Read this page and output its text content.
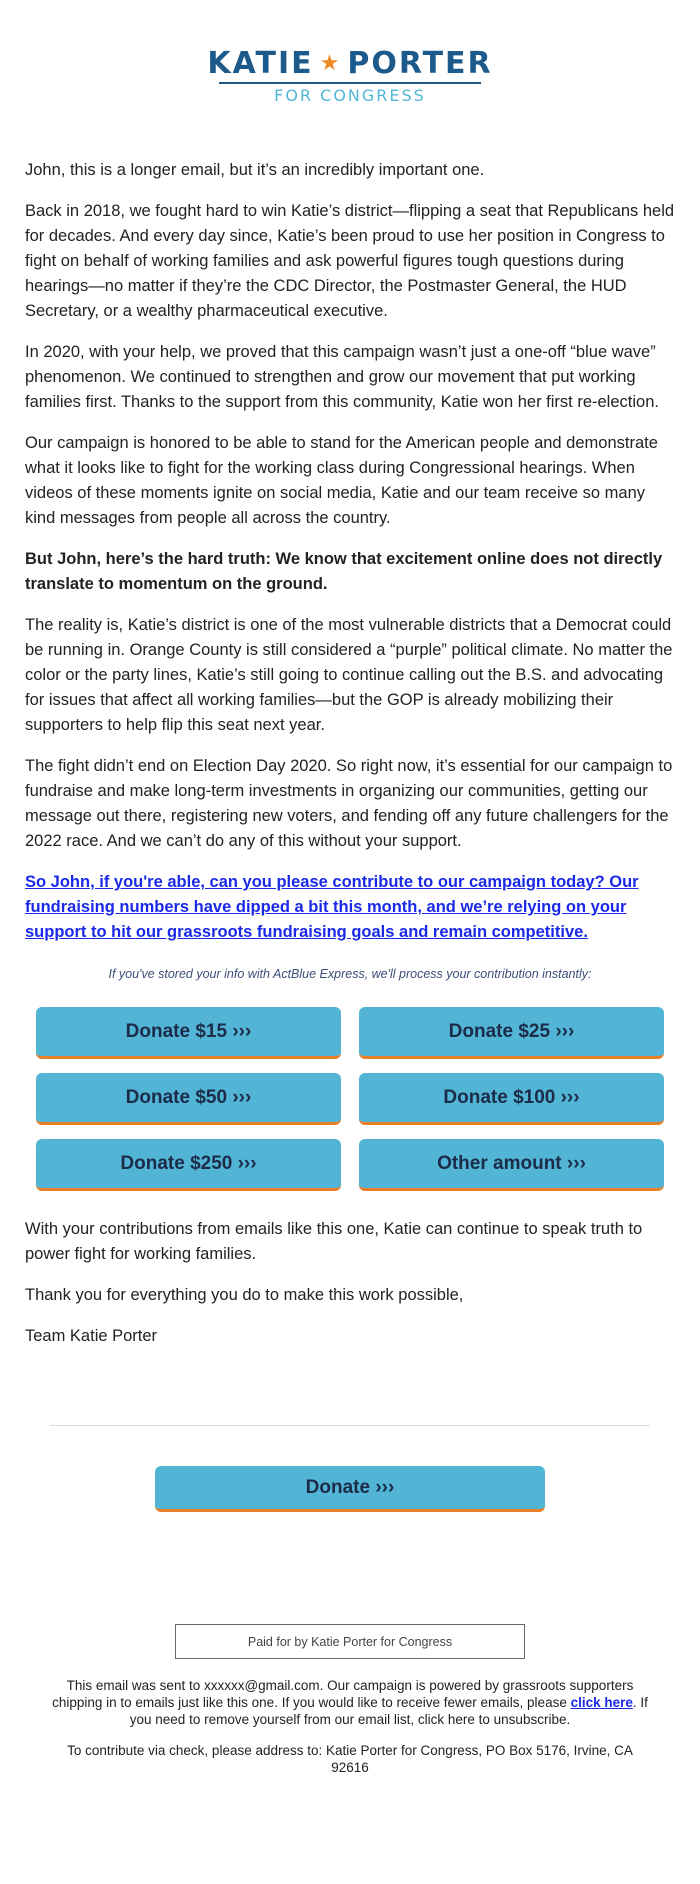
KATIE ★ PORTER
FOR CONGRESS

John, this is a longer email, but it’s an incredibly important one.

Back in 2018, we fought hard to win Katie’s district—flipping a seat that Republicans held for decades. And every day since, Katie’s been proud to use her position in Congress to fight on behalf of working families and ask powerful figures tough questions during hearings—no matter if they’re the CDC Director, the Postmaster General, the HUD Secretary, or a wealthy pharmaceutical executive.

In 2020, with your help, we proved that this campaign wasn’t just a one-off “blue wave” phenomenon. We continued to strengthen and grow our movement that put working families first. Thanks to the support from this community, Katie won her first re-election.

Our campaign is honored to be able to stand for the American people and demonstrate what it looks like to fight for the working class during Congressional hearings. When videos of these moments ignite on social media, Katie and our team receive so many kind messages from people all across the country.

But John, here’s the hard truth: We know that excitement online does not directly translate to momentum on the ground.

The reality is, Katie’s district is one of the most vulnerable districts that a Democrat could be running in. Orange County is still considered a “purple” political climate. No matter the color or the party lines, Katie’s still going to continue calling out the B.S. and advocating for issues that affect all working families—but the GOP is already mobilizing their supporters to help flip this seat next year.

The fight didn’t end on Election Day 2020. So right now, it’s essential for our campaign to fundraise and make long-term investments in organizing our communities, getting our message out there, registering new voters, and fending off any future challengers for the 2022 race. And we can’t do any of this without your support.

So John, if you're able, can you please contribute to our campaign today? Our fundraising numbers have dipped a bit this month, and we’re relying on your support to hit our grassroots fundraising goals and remain competitive.

If you've stored your info with ActBlue Express, we'll process your contribution instantly:
Donate $15 ›››	Donate $25 ›››
Donate $50 ›››	Donate $100 ›››
Donate $250 ›››	Other amount ›››

With your contributions from emails like this one, Katie can continue to speak truth to power fight for working families.

Thank you for everything you do to make this work possible,

Team Katie Porter

Donate ›››
Paid for by Katie Porter for Congress

This email was sent to xxxxxx@gmail.com. Our campaign is powered by grassroots supporters chipping in to emails just like this one. If you would like to receive fewer emails, please click here. If you need to remove yourself from our email list, click here to unsubscribe.

To contribute via check, please address to: Katie Porter for Congress, PO Box 5176, Irvine, CA 92616
